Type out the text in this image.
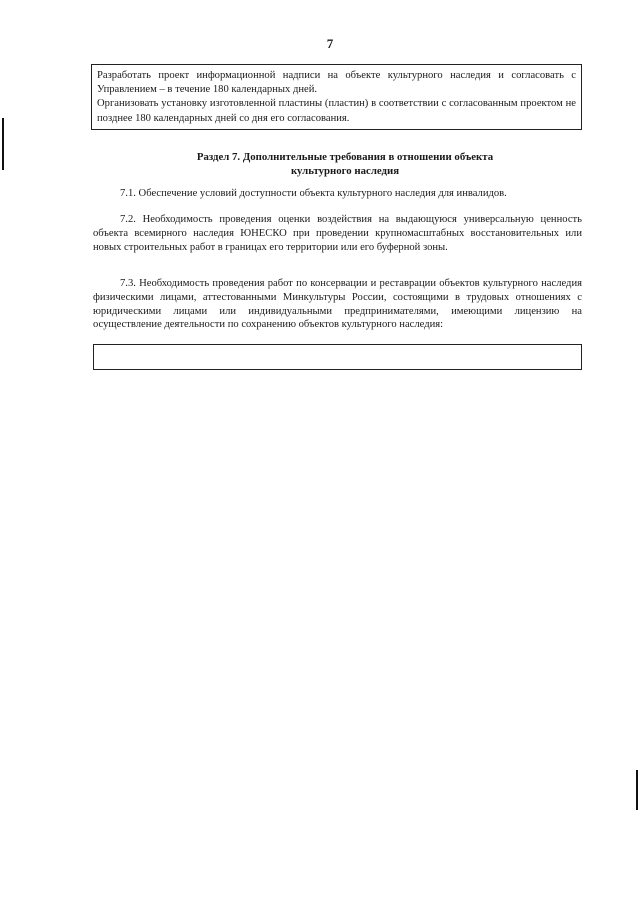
7

Разработать проект информационной надписи на объекте культурного наследия и согласовать с Управлением – в течение 180 календарных дней.

Организовать установку изготовленной пластины (пластин) в соответствии с согласованным проектом не позднее 180 календарных дней со дня его согласования.

Раздел 7. Дополнительные требования в отношении объекта
культурного наследия

7.1. Обеспечение условий доступности объекта культурного наследия для инвалидов.

7.2. Необходимость проведения оценки воздействия на выдающуюся универсальную ценность объекта всемирного наследия ЮНЕСКО при проведении крупномасштабных восстановительных или новых строительных работ в границах его территории или его буферной зоны.

7.3. Необходимость проведения работ по консервации и реставрации объектов культурного наследия физическими лицами, аттестованными Минкультуры России, состоящими в трудовых отношениях с юридическими лицами или индивидуальными предпринимателями, имеющими лицензию на осуществление деятельности по сохранению объектов культурного наследия:
